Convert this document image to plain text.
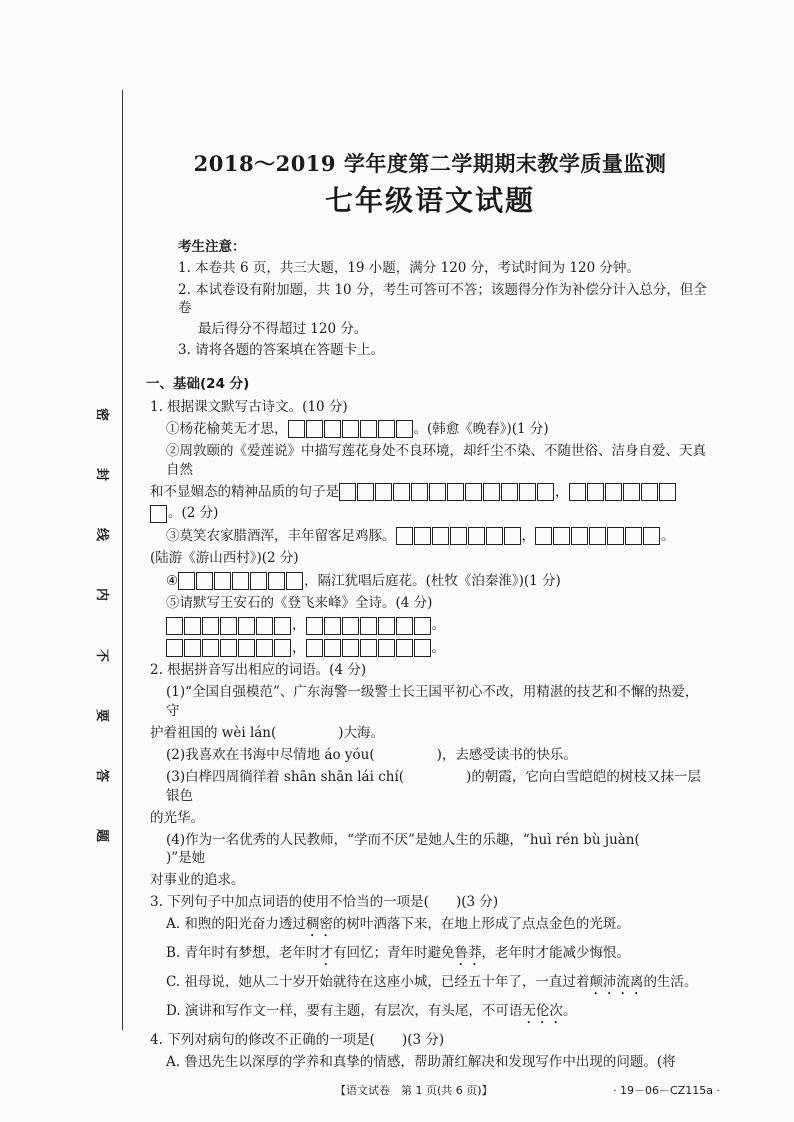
密
封
线
内
不
要
答
题
2018～2019 学年度第二学期期末教学质量监测
七年级语文试题
考生注意：

1. 本卷共 6 页，共三大题，19 小题，满分 120 分，考试时间为 120 分钟。

2. 本试卷设有附加题，共 10 分，考生可答可不答；该题得分作为补偿分计入总分，但全卷

最后得分不得超过 120 分。

3. 请将各题的答案填在答题卡上。

一、基础(24 分)

1. 根据课文默写古诗文。(10 分)

①杨花榆荚无才思，	。(韩愈《晚春》)(1 分)

②周敦颐的《爱莲说》中描写莲花身处不良环境，却纤尘不染、不随世俗、洁身自爱、天真自然

和不显媚态的精神品质的句子是	，

。(2 分)

③莫笑农家腊酒浑，丰年留客足鸡豚。	，	。

(陆游《游山西村》)(2 分)

④	，隔江犹唱后庭花。(杜牧《泊秦淮》)(1 分)

⑤请默写王安石的《登飞来峰》全诗。(4 分)

，	。

，	。

2. 根据拼音写出相应的词语。(4 分)

(1)“全国自强模范”、广东海警一级警士长王国平初心不改，用精湛的技艺和不懈的热爱，守

护着祖国的 wèi lán(	)大海。

(2)我喜欢在书海中尽情地 áo yóu(	)，去感受读书的快乐。

(3)白桦四周徜徉着 shān shān lái chí(	)的朝霞，它向白雪皑皑的树枝又抹一层银色

的光华。

(4)作为一名优秀的人民教师，“学而不厌”是她人生的乐趣，“huì rén bù juàn()”是她

对事业的追求。

3. 下列句子中加点词语的使用不恰当的一项是(　　)(3 分)

A. 和煦的阳光奋力透过稠密的树叶洒落下来，在地上形成了点点金色的光斑。

B. 青年时有梦想，老年时才有回忆；青年时避免鲁莽，老年时才能减少悔恨。

C. 祖母说，她从二十岁开始就待在这座小城，已经五十年了，一直过着颠沛流离的生活。

D. 演讲和写作文一样，要有主题，有层次，有头尾，不可语无伦次。

4. 下列对病句的修改不正确的一项是(　　)(3 分)

A. 鲁迅先生以深厚的学养和真挚的情感，帮助萧红解决和发现写作中出现的问题。(将

【语文试卷　第 1 页(共 6 页)】	· 19－06－CZ115a ·
